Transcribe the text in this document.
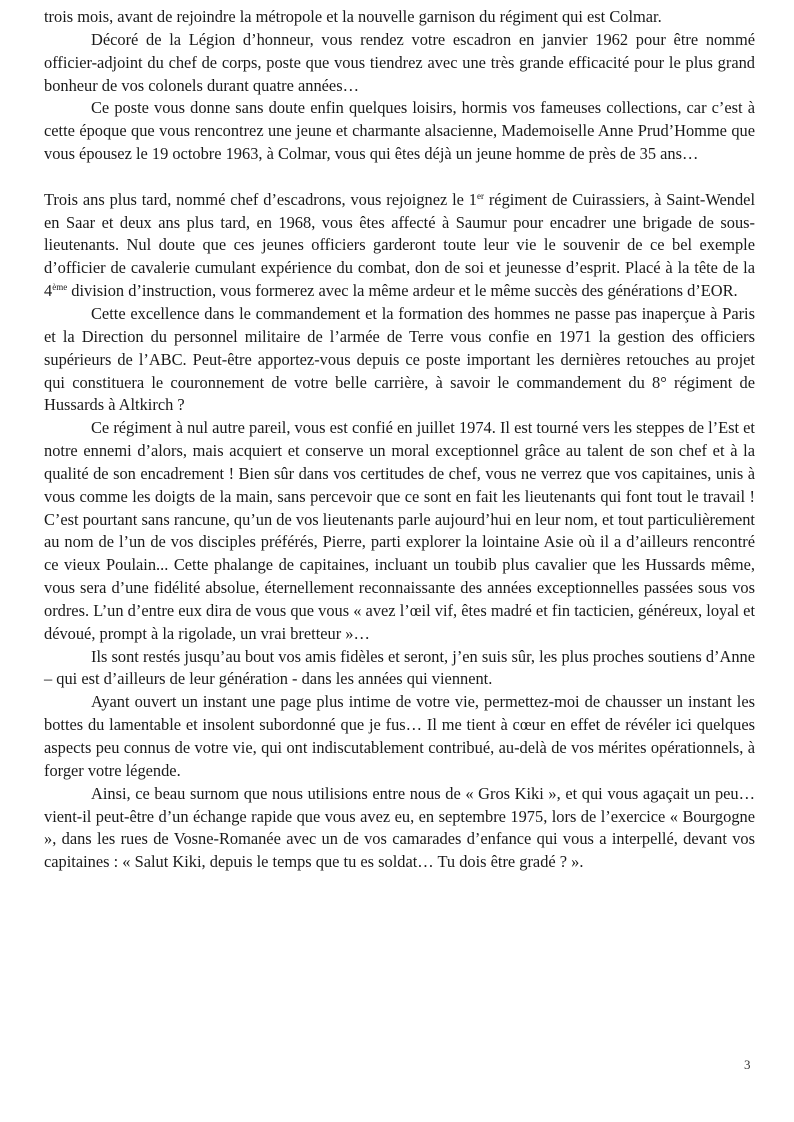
trois mois, avant de rejoindre la métropole et la nouvelle garnison du régiment qui est Colmar.

Décoré de la Légion d’honneur, vous rendez votre escadron en janvier 1962 pour être nommé officier-adjoint du chef de corps, poste que vous tiendrez avec une très grande efficacité pour le plus grand bonheur de vos colonels durant quatre années…

Ce poste vous donne sans doute enfin quelques loisirs, hormis vos fameuses collections, car c’est à cette époque que vous rencontrez une jeune et charmante alsacienne, Mademoiselle Anne Prud’Homme que vous épousez le 19 octobre 1963, à Colmar, vous qui êtes déjà un jeune homme de près de 35 ans…

Trois ans plus tard, nommé chef d’escadrons, vous rejoignez le 1er régiment de Cuirassiers, à Saint-Wendel en Saar et deux ans plus tard, en 1968, vous êtes affecté à Saumur pour encadrer une brigade de sous-lieutenants. Nul doute que ces jeunes officiers garderont toute leur vie le souvenir de ce bel exemple d’officier de cavalerie cumulant expérience du combat, don de soi et jeunesse d’esprit. Placé à la tête de la 4ème division d’instruction, vous formerez avec la même ardeur et le même succès des générations d’EOR.

Cette excellence dans le commandement et la formation des hommes ne passe pas inaperçue à Paris et la Direction du personnel militaire de l’armée de Terre vous confie en 1971 la gestion des officiers supérieurs de l’ABC. Peut-être apportez-vous depuis ce poste important les dernières retouches au projet qui constituera le couronnement de votre belle carrière, à savoir le commandement du 8° régiment de Hussards à Altkirch ?

Ce régiment à nul autre pareil, vous est confié en juillet 1974. Il est tourné vers les steppes de l’Est et notre ennemi d’alors, mais acquiert et conserve un moral exceptionnel grâce au talent de son chef et à la qualité de son encadrement ! Bien sûr dans vos certitudes de chef, vous ne verrez que vos capitaines, unis à vous comme les doigts de la main, sans percevoir que ce sont en fait les lieutenants qui font tout le travail ! C’est pourtant sans rancune, qu’un de vos lieutenants parle aujourd’hui en leur nom, et tout particulièrement au nom de l’un de vos disciples préférés, Pierre, parti explorer la lointaine Asie où il a d’ailleurs rencontré ce vieux Poulain... Cette phalange de capitaines, incluant un toubib plus cavalier que les Hussards même, vous sera d’une fidélité absolue, éternellement reconnaissante des années exceptionnelles passées sous vos ordres. L’un d’entre eux dira de vous que vous « avez l’œil vif, êtes madré et fin tacticien, généreux, loyal et dévoué, prompt à la rigolade, un vrai bretteur »…

Ils sont restés jusqu’au bout vos amis fidèles et seront, j’en suis sûr, les plus proches soutiens d’Anne – qui est d’ailleurs de leur génération - dans les années qui viennent.

Ayant ouvert un instant une page plus intime de votre vie, permettez-moi de chausser un instant les bottes du lamentable et insolent subordonné que je fus… Il me tient à cœur en effet de révéler ici quelques aspects peu connus de votre vie, qui ont indiscutablement contribué, au-delà de vos mérites opérationnels, à forger votre légende.

Ainsi, ce beau surnom que nous utilisions entre nous de « Gros Kiki », et qui vous agaçait un peu… vient-il peut-être d’un échange rapide que vous avez eu, en septembre 1975, lors de l’exercice « Bourgogne », dans les rues de Vosne-Romanée avec un de vos camarades d’enfance qui vous a interpellé, devant vos capitaines : « Salut Kiki, depuis le temps que tu es soldat… Tu dois être gradé ? ».

3
